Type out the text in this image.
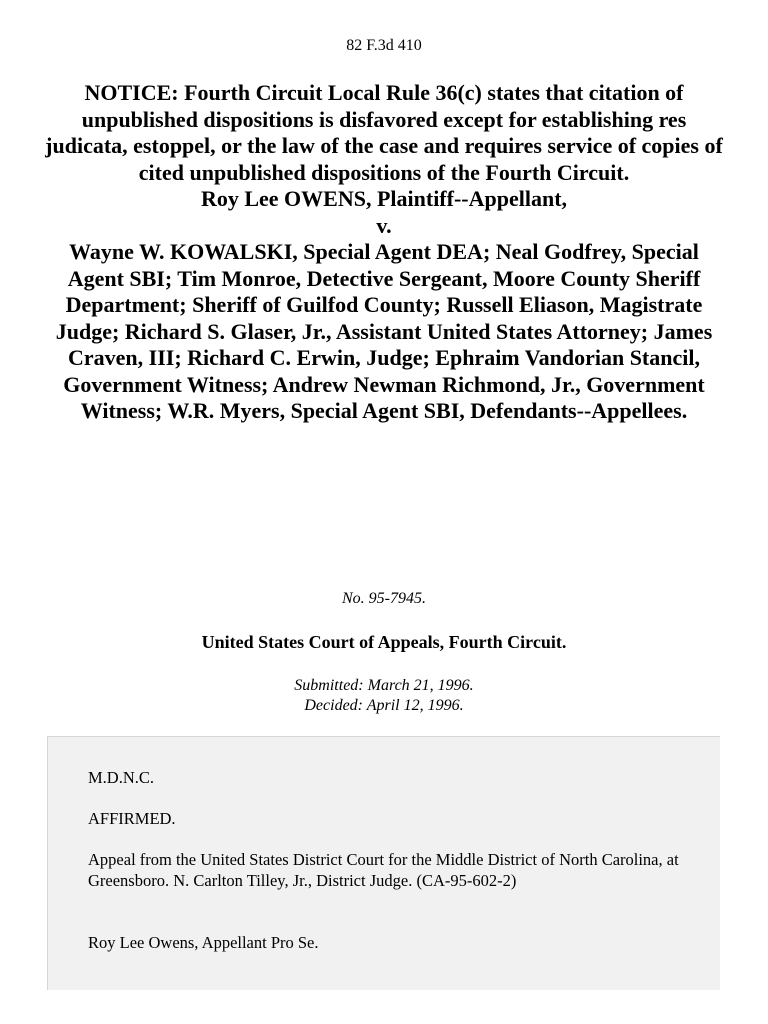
82 F.3d 410
NOTICE: Fourth Circuit Local Rule 36(c) states that citation of unpublished dispositions is disfavored except for establishing res judicata, estoppel, or the law of the case and requires service of copies of cited unpublished dispositions of the Fourth Circuit.
Roy Lee OWENS, Plaintiff--Appellant,
v.
Wayne W. KOWALSKI, Special Agent DEA; Neal Godfrey, Special
Agent SBI; Tim Monroe, Detective Sergeant, Moore County Sheriff Department; Sheriff of Guilfod County; Russell Eliason, Magistrate Judge; Richard S. Glaser, Jr., Assistant United States Attorney; James Craven, III; Richard C. Erwin, Judge; Ephraim Vandorian Stancil, Government Witness; Andrew Newman Richmond, Jr., Government
Witness; W.R. Myers, Special Agent SBI, Defendants--Appellees.
No. 95-7945.
United States Court of Appeals, Fourth Circuit.
Submitted: March 21, 1996.
Decided: April 12, 1996.
M.D.N.C.
AFFIRMED.
Appeal from the United States District Court for the Middle District of North Carolina, at Greensboro. N. Carlton Tilley, Jr., District Judge. (CA-95-602-2)
Roy Lee Owens, Appellant Pro Se.
